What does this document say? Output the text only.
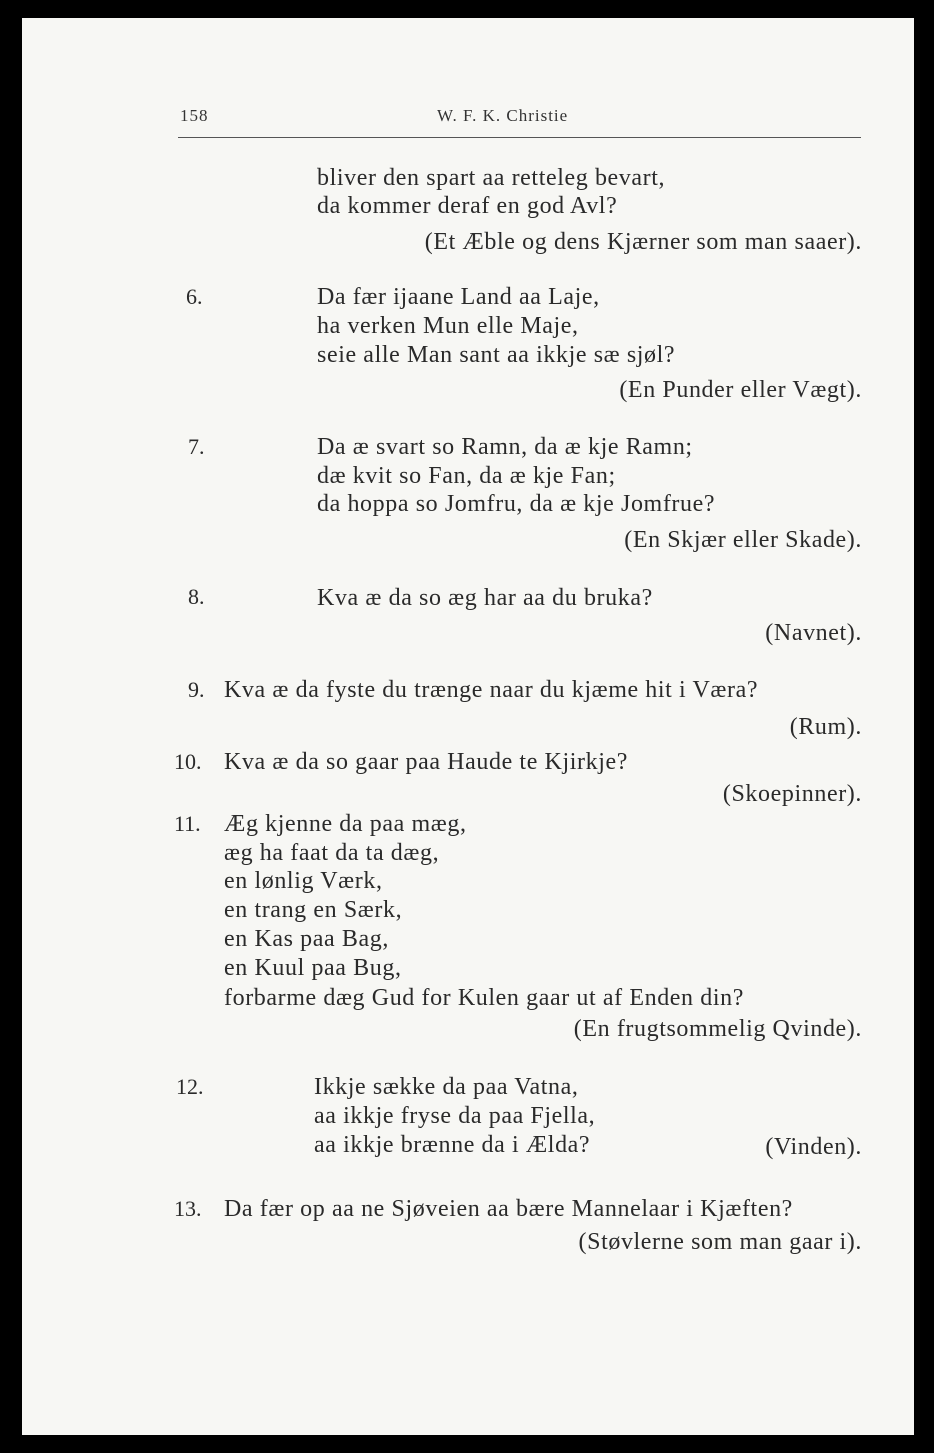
158	W. F. K. Christie
bliver den spart aa retteleg bevart,
da kommer deraf en god Avl?
(Et Æble og dens Kjærner som man saaer).
6.	Da fær ijaane Land aa Laje,
ha verken Mun elle Maje,
seie alle Man sant aa ikkje sæ sjøl?
(En Punder eller Vægt).
7.	Da æ svart so Ramn, da æ kje Ramn;
dæ kvit so Fan, da æ kje Fan;
da hoppa so Jomfru, da æ kje Jomfrue?
(En Skjær eller Skade).
8.	Kva æ da so æg har aa du bruka?
(Navnet).
9. Kva æ da fyste du trænge naar du kjæme hit i Væra?
(Rum).
10. Kva æ da so gaar paa Haude te Kjirkje?
(Skoepinner).
11. Æg kjenne da paa mæg,
æg ha faat da ta dæg,
en lønlig Værk,
en trang en Særk,
en Kas paa Bag,
en Kuul paa Bug,
forbarme dæg Gud for Kulen gaar ut af Enden din?
(En frugtsommelig Qvinde).
12.	Ikkje sække da paa Vatna,
aa ikkje fryse da paa Fjella,
aa ikkje brænne da i Ælda?	(Vinden).
13. Da fær op aa ne Sjøveien aa bære Mannelaar i Kjæften?
(Støvlerne som man gaar i).
